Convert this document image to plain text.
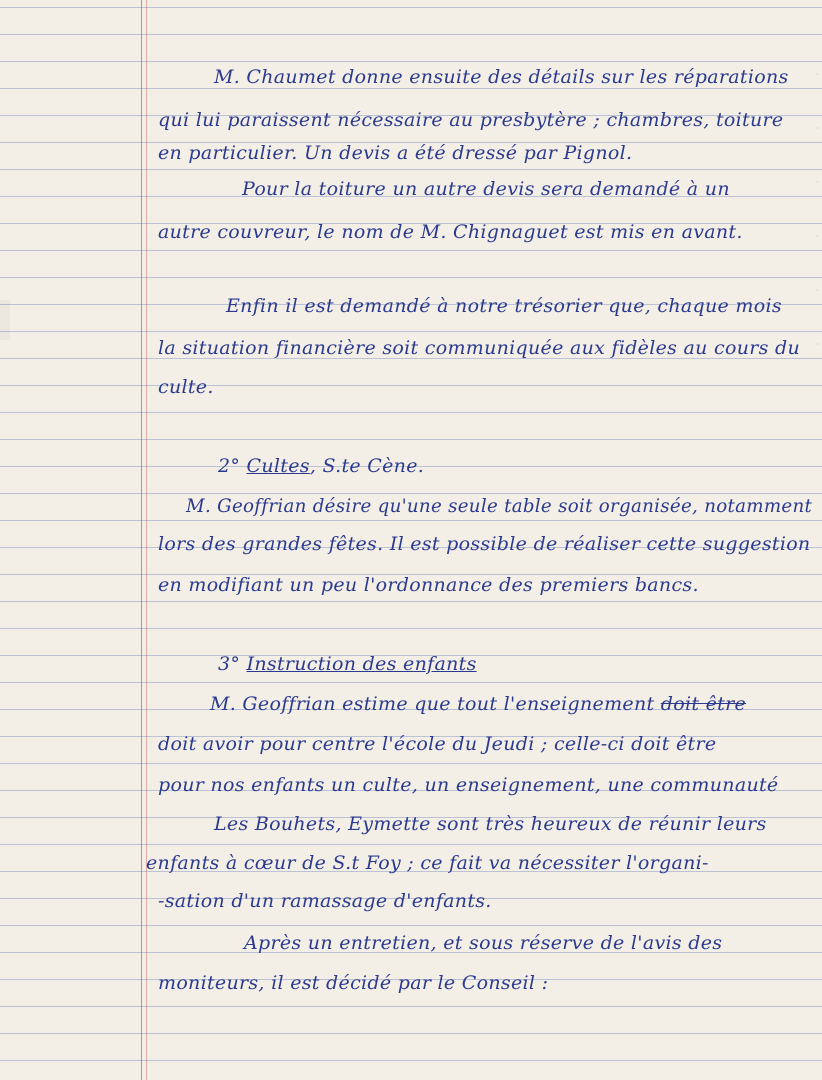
.
.
.
.
.
.
M. Chaumet donne ensuite des détails sur les réparations
qui lui paraissent nécessaire au presbytère ; chambres, toiture
en particulier. Un devis a été dressé par Pignol.
Pour la toiture un autre devis sera demandé à un
autre couvreur, le nom de M. Chignaguet est mis en avant.
Enfin il est demandé à notre trésorier que, chaque mois
la situation financière soit communiquée aux fidèles au cours du
culte.
2° Cultes, S.te Cène.
M. Geoffrian désire qu'une seule table soit organisée, notamment
lors des grandes fêtes. Il est possible de réaliser cette suggestion
en modifiant un peu l'ordonnance des premiers bancs.
3° Instruction des enfants
M. Geoffrian estime que tout l'enseignement doit être
doit avoir pour centre l'école du Jeudi ; celle-ci doit être
pour nos enfants un culte, un enseignement, une communauté
Les Bouhets, Eymette sont très heureux de réunir leurs
enfants à cœur de S.t Foy ; ce fait va nécessiter l'organi-
-sation d'un ramassage d'enfants.
Après un entretien, et sous réserve de l'avis des
moniteurs, il est décidé par le Conseil :
